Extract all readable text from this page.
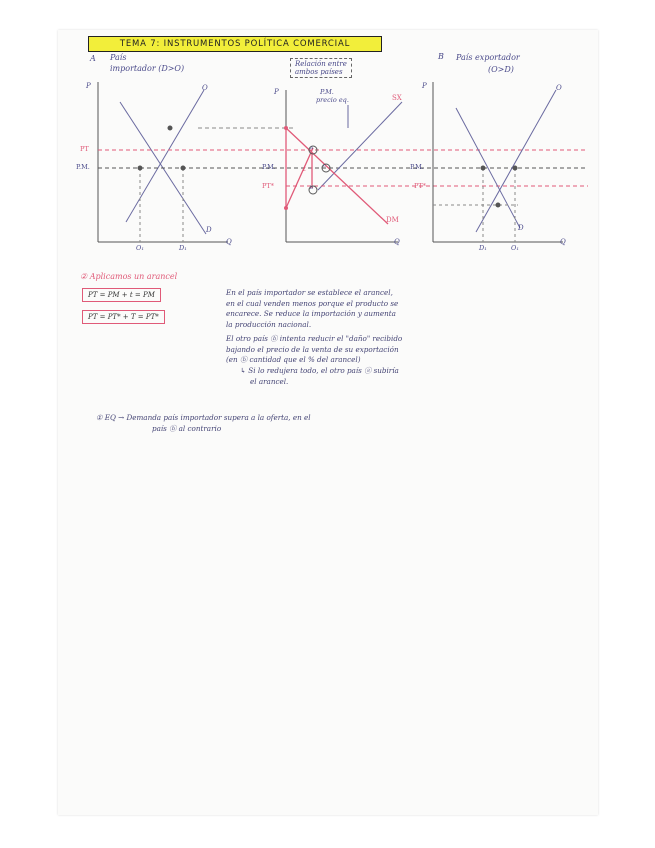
TEMA 7: INSTRUMENTOS POLÍTICA COMERCIAL
A País
importador (D>O)	Relación entre
ambos países
B País exportador
(O>D)
P.M.
precio eq.
P
Q
O
D
PT
P.M.
O₁	D₁
P
Q
SX
DM
P.M.
PT*
t
a
c
b
P
Q
O
D
P.M.
PT*
D₁	O₁
② Aplicamos un arancel
PT = PM + t = PM
PT = PT* + T = PT*
En el país importador se establece el arancel,
en el cual venden menos porque el producto se
encarece. Se reduce la importación y aumenta
la producción nacional.
El otro país ⓑ intenta reducir el "daño" recibido
bajando el precio de la venta de su exportación
(en ⓑ cantidad que el % del arancel)
↳ Si lo redujera todo, el otro país ⓐ subiría
el arancel.
① EQ → Demanda país importador supera a la oferta, en el
país ⓑ al contrario
